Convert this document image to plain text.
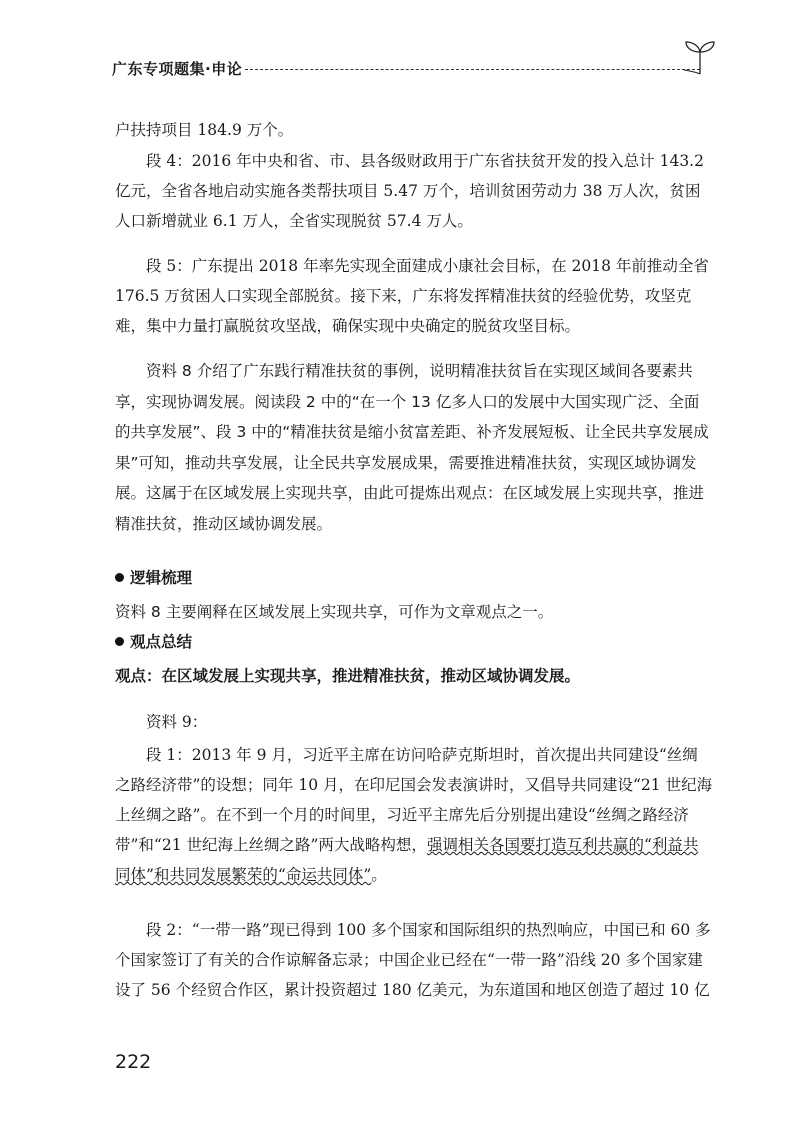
广东专项题集·申论

户扶持项目 184.9 万个。

段 4：2016 年中央和省、市、县各级财政用于广东省扶贫开发的投入总计 143.2 亿元，全省各地启动实施各类帮扶项目 5.47 万个，培训贫困劳动力 38 万人次，贫困人口新增就业 6.1 万人，全省实现脱贫 57.4 万人。

段 5：广东提出 2018 年率先实现全面建成小康社会目标，在 2018 年前推动全省 176.5 万贫困人口实现全部脱贫。接下来，广东将发挥精准扶贫的经验优势，攻坚克难，集中力量打赢脱贫攻坚战，确保实现中央确定的脱贫攻坚目标。

资料 8 介绍了广东践行精准扶贫的事例，说明精准扶贫旨在实现区域间各要素共享，实现协调发展。阅读段 2 中的“在一个 13 亿多人口的发展中大国实现广泛、全面的共享发展”、段 3 中的“精准扶贫是缩小贫富差距、补齐发展短板、让全民共享发展成果”可知，推动共享发展，让全民共享发展成果，需要推进精准扶贫，实现区域协调发展。这属于在区域发展上实现共享，由此可提炼出观点：在区域发展上实现共享，推进精准扶贫，推动区域协调发展。

逻辑梳理

资料 8 主要阐释在区域发展上实现共享，可作为文章观点之一。

观点总结

观点：在区域发展上实现共享，推进精准扶贫，推动区域协调发展。

资料 9：

段 1：2013 年 9 月，习近平主席在访问哈萨克斯坦时，首次提出共同建设“丝绸之路经济带”的设想；同年 10 月，在印尼国会发表演讲时，又倡导共同建设“21 世纪海上丝绸之路”。在不到一个月的时间里，习近平主席先后分别提出建设“丝绸之路经济带”和“21 世纪海上丝绸之路”两大战略构想，强调相关各国要打造互利共赢的“利益共同体”和共同发展繁荣的“命运共同体”。

段 2：“一带一路”现已得到 100 多个国家和国际组织的热烈响应，中国已和 60 多个国家签订了有关的合作谅解备忘录；中国企业已经在“一带一路”沿线 20 多个国家建设了 56 个经贸合作区，累计投资超过 180 亿美元，为东道国和地区创造了超过 10 亿

222
